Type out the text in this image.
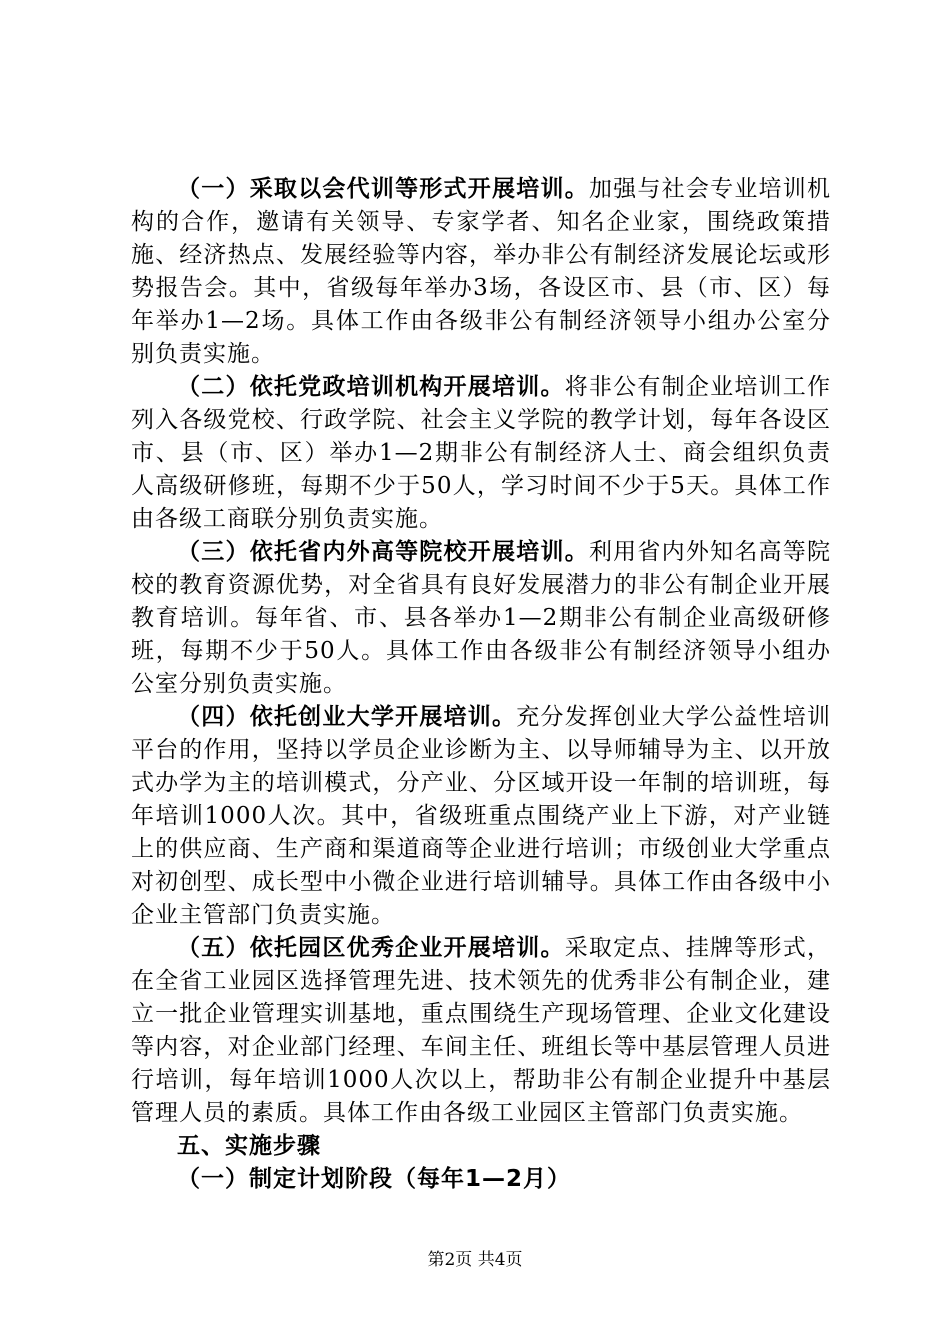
（一）采取以会代训等形式开展培训。加强与社会专业培训机构的合作，邀请有关领导、专家学者、知名企业家，围绕政策措施、经济热点、发展经验等内容，举办非公有制经济发展论坛或形势报告会。其中，省级每年举办3场，各设区市、县（市、区）每年举办1—2场。具体工作由各级非公有制经济领导小组办公室分别负责实施。

（二）依托党政培训机构开展培训。将非公有制企业培训工作列入各级党校、行政学院、社会主义学院的教学计划，每年各设区市、县（市、区）举办1—2期非公有制经济人士、商会组织负责人高级研修班，每期不少于50人，学习时间不少于5天。具体工作由各级工商联分别负责实施。

（三）依托省内外高等院校开展培训。利用省内外知名高等院校的教育资源优势，对全省具有良好发展潜力的非公有制企业开展教育培训。每年省、市、县各举办1—2期非公有制企业高级研修班，每期不少于50人。具体工作由各级非公有制经济领导小组办公室分别负责实施。

（四）依托创业大学开展培训。充分发挥创业大学公益性培训平台的作用，坚持以学员企业诊断为主、以导师辅导为主、以开放式办学为主的培训模式，分产业、分区域开设一年制的培训班，每年培训1000人次。其中，省级班重点围绕产业上下游，对产业链上的供应商、生产商和渠道商等企业进行培训；市级创业大学重点对初创型、成长型中小微企业进行培训辅导。具体工作由各级中小企业主管部门负责实施。

（五）依托园区优秀企业开展培训。采取定点、挂牌等形式，在全省工业园区选择管理先进、技术领先的优秀非公有制企业，建立一批企业管理实训基地，重点围绕生产现场管理、企业文化建设等内容，对企业部门经理、车间主任、班组长等中基层管理人员进行培训，每年培训1000人次以上，帮助非公有制企业提升中基层管理人员的素质。具体工作由各级工业园区主管部门负责实施。

五、实施步骤

（一）制定计划阶段（每年1—2月）

第2页 共4页
